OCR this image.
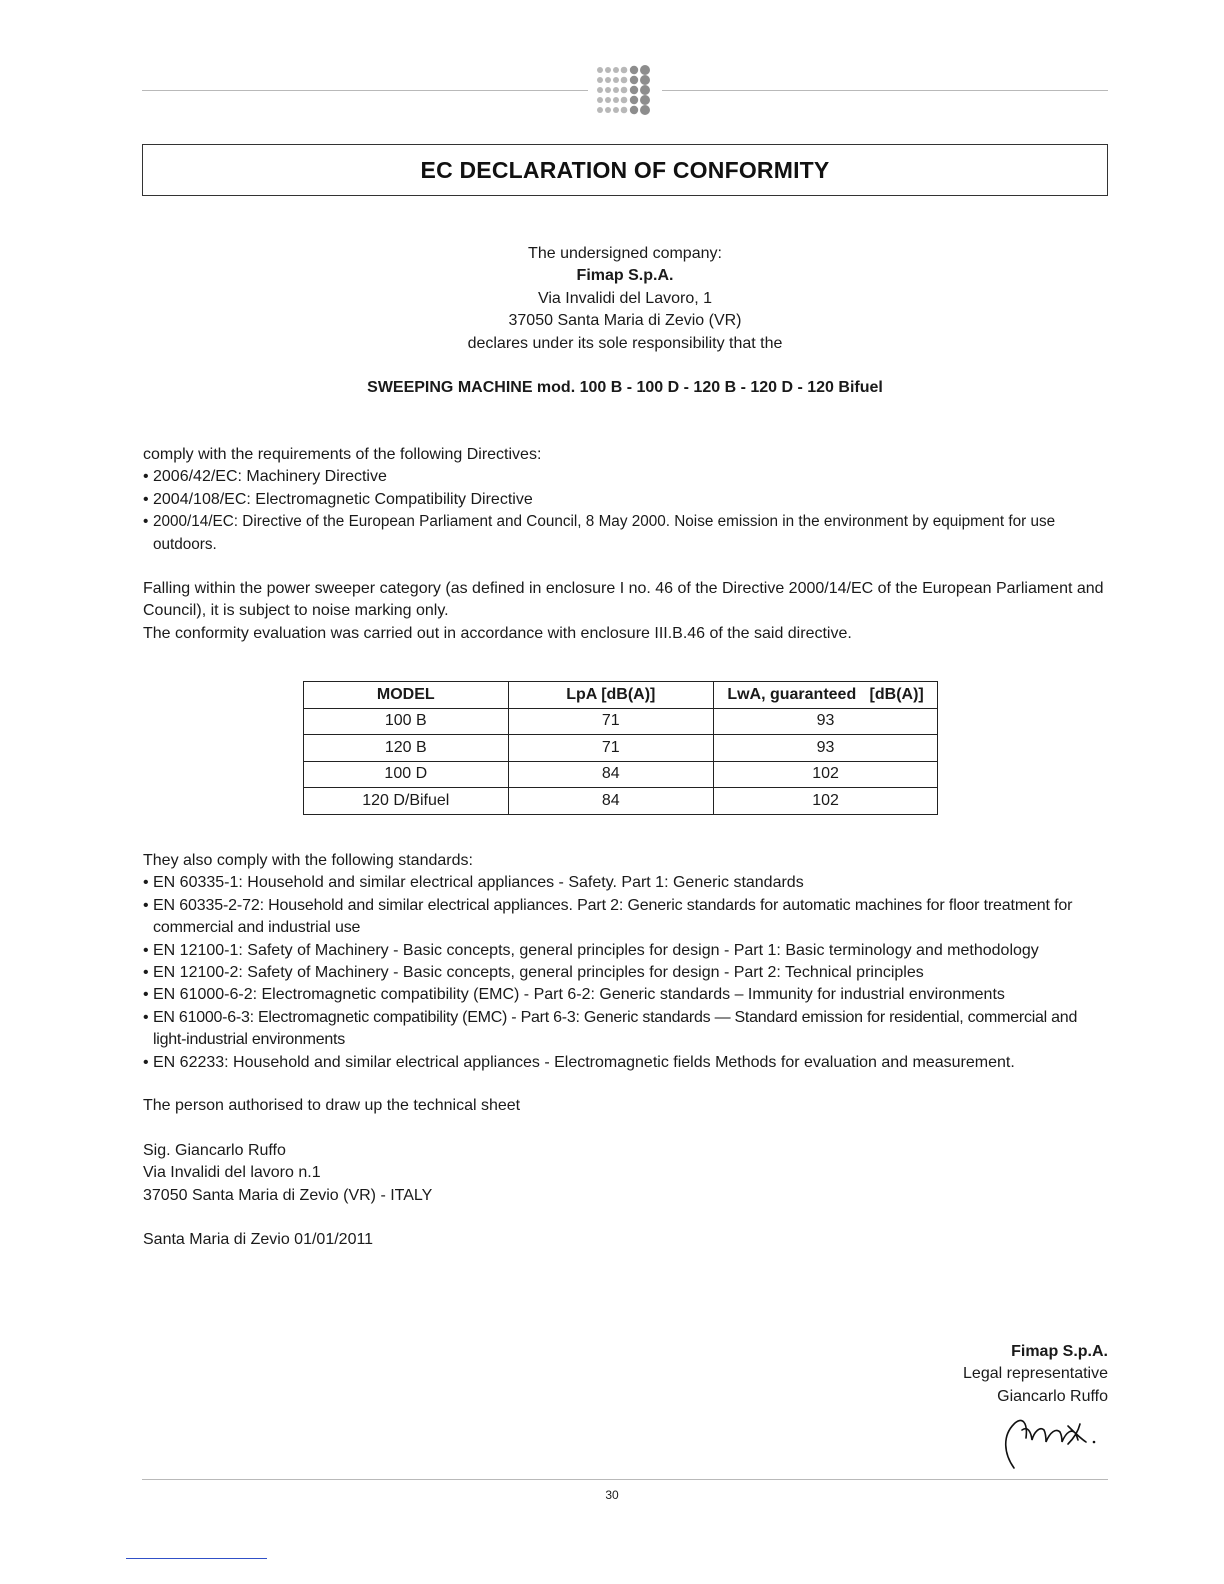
EC DECLARATION OF CONFORMITY
The undersigned company:
Fimap S.p.A.
Via Invalidi del Lavoro, 1
37050 Santa Maria di Zevio (VR)
declares under its sole responsibility that the
SWEEPING MACHINE mod. 100 B - 100 D - 120 B - 120 D - 120 Bifuel
comply with the requirements of the following Directives:
• 2006/42/EC: Machinery Directive
• 2004/108/EC: Electromagnetic Compatibility Directive
• 2000/14/EC: Directive of the European Parliament and Council, 8 May 2000. Noise emission in the environment by equipment for use outdoors.
Falling within the power sweeper category (as defined in enclosure I no. 46 of the Directive 2000/14/EC of the European Parliament and Council), it is subject to noise marking only.
The conformity evaluation was carried out in accordance with enclosure III.B.46 of the said directive.
MODEL	LpA [dB(A)]	LwA, guaranteed   [dB(A)]
100 B	71	93
120 B	71	93
100 D	84	102
120 D/Bifuel	84	102
They also comply with the following standards:
• EN 60335-1: Household and similar electrical appliances - Safety. Part 1: Generic standards
• EN 60335-2-72: Household and similar electrical appliances. Part 2: Generic standards for automatic machines for floor treatment for commercial and industrial use
• EN 12100-1: Safety of Machinery - Basic concepts, general principles for design - Part 1: Basic terminology and methodology
• EN 12100-2: Safety of Machinery - Basic concepts, general principles for design - Part 2: Technical principles
• EN 61000-6-2: Electromagnetic compatibility (EMC) - Part 6-2: Generic standards – Immunity for industrial environments
• EN 61000-6-3: Electromagnetic compatibility (EMC) - Part 6-3: Generic standards — Standard emission for residential, commercial and light-industrial environments
• EN 62233: Household and similar electrical appliances - Electromagnetic fields Methods for evaluation and measurement.
The person authorised to draw up the technical sheet
Sig. Giancarlo Ruffo
Via Invalidi del lavoro n.1
37050 Santa Maria di Zevio (VR) - ITALY
Santa Maria di Zevio 01/01/2011
Fimap S.p.A.
Legal representative
Giancarlo Ruffo
30
